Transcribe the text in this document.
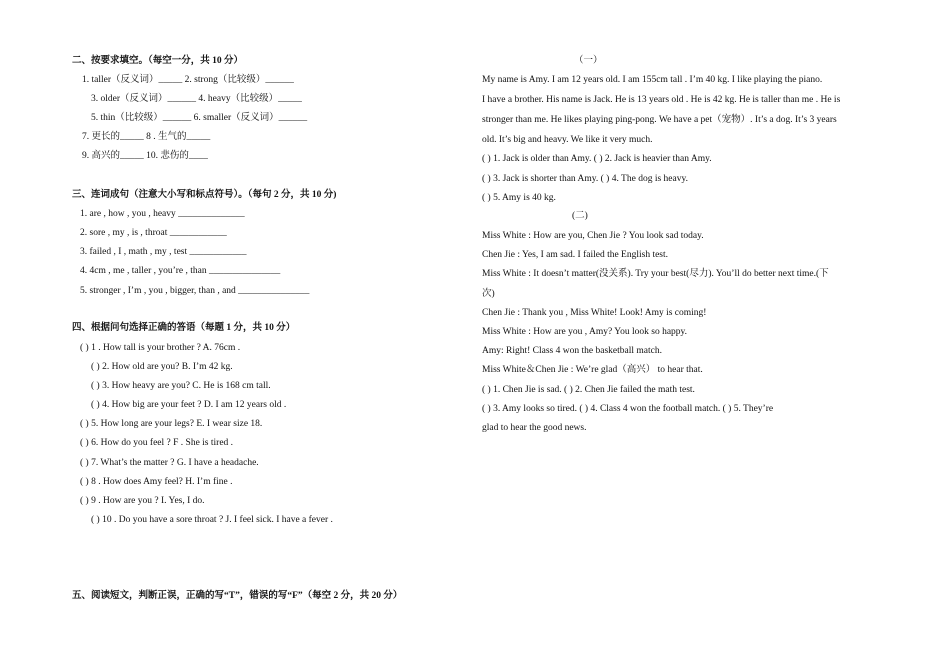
二、按要求填空。（每空一分，共 10 分）
1. taller（反义词）_____ 2. strong（比较级）______
3. older（反义词）______ 4. heavy（比较级）_____
5. thin（比较级）______ 6. smaller（反义词）______
7. 更长的_____ 8 . 生气的_____
9. 高兴的_____ 10. 悲伤的____
三、连词成句（注意大小写和标点符号）。（每句 2 分，共 10 分)
1. are , how , you , heavy ______________
2. sore , my , is , throat ____________
3. failed , I , math , my , test ____________
4. 4cm , me , taller , you’re , than _______________
5. stronger , I’m , you , bigger, than , and _______________
四、根据问句选择正确的答语（每题 1 分，共 10 分）
( ) 1 . How tall is your brother ? A. 76cm .
( ) 2. How old are you? B. I’m 42 kg.
( ) 3. How heavy are you? C. He is 168 cm tall.
( ) 4. How big are your feet ? D. I am 12 years old .
( ) 5. How long are your legs? E. I wear size 18.
( ) 6. How do you feel ? F . She is tired .
( ) 7. What’s the matter ? G. I have a headache.
( ) 8 . How does Amy feel? H. I’m fine .
( ) 9 . How are you ? I. Yes, I do.
( ) 10 . Do you have a sore throat ? J. I feel sick. I have a fever .
五、阅读短文，判断正误，正确的写“T”，错误的写“F”（每空 2 分，共 20 分）
（一）
My name is Amy. I am 12 years old. I am 155cm tall . I’m 40 kg. I like playing the piano.
I have a brother. His name is Jack. He is 13 years old . He is 42 kg. He is taller than me . He is
stronger than me. He likes playing ping-pong. We have a pet（宠物）. It’s a dog. It’s 3 years
old. It’s big and heavy. We like it very much.
( ) 1. Jack is older than Amy. ( ) 2. Jack is heavier than Amy.
( ) 3. Jack is shorter than Amy. ( ) 4. The dog is heavy.
( ) 5. Amy is 40 kg.
(二)
Miss White : How are you, Chen Jie ? You look sad today.
Chen Jie : Yes, I am sad. I failed the English test.
Miss White : It doesn’t matter(没关系). Try your best(尽力). You’ll do better next time.(下
次)
Chen Jie : Thank you , Miss White! Look! Amy is coming!
Miss White : How are you , Amy? You look so happy.
Amy: Right! Class 4 won the basketball match.
Miss White＆Chen Jie : We’re glad（高兴） to hear that.
( ) 1. Chen Jie is sad. ( ) 2. Chen Jie failed the math test.
( ) 3. Amy looks so tired. ( ) 4. Class 4 won the football match. ( ) 5. They’re
glad to hear the good news.
